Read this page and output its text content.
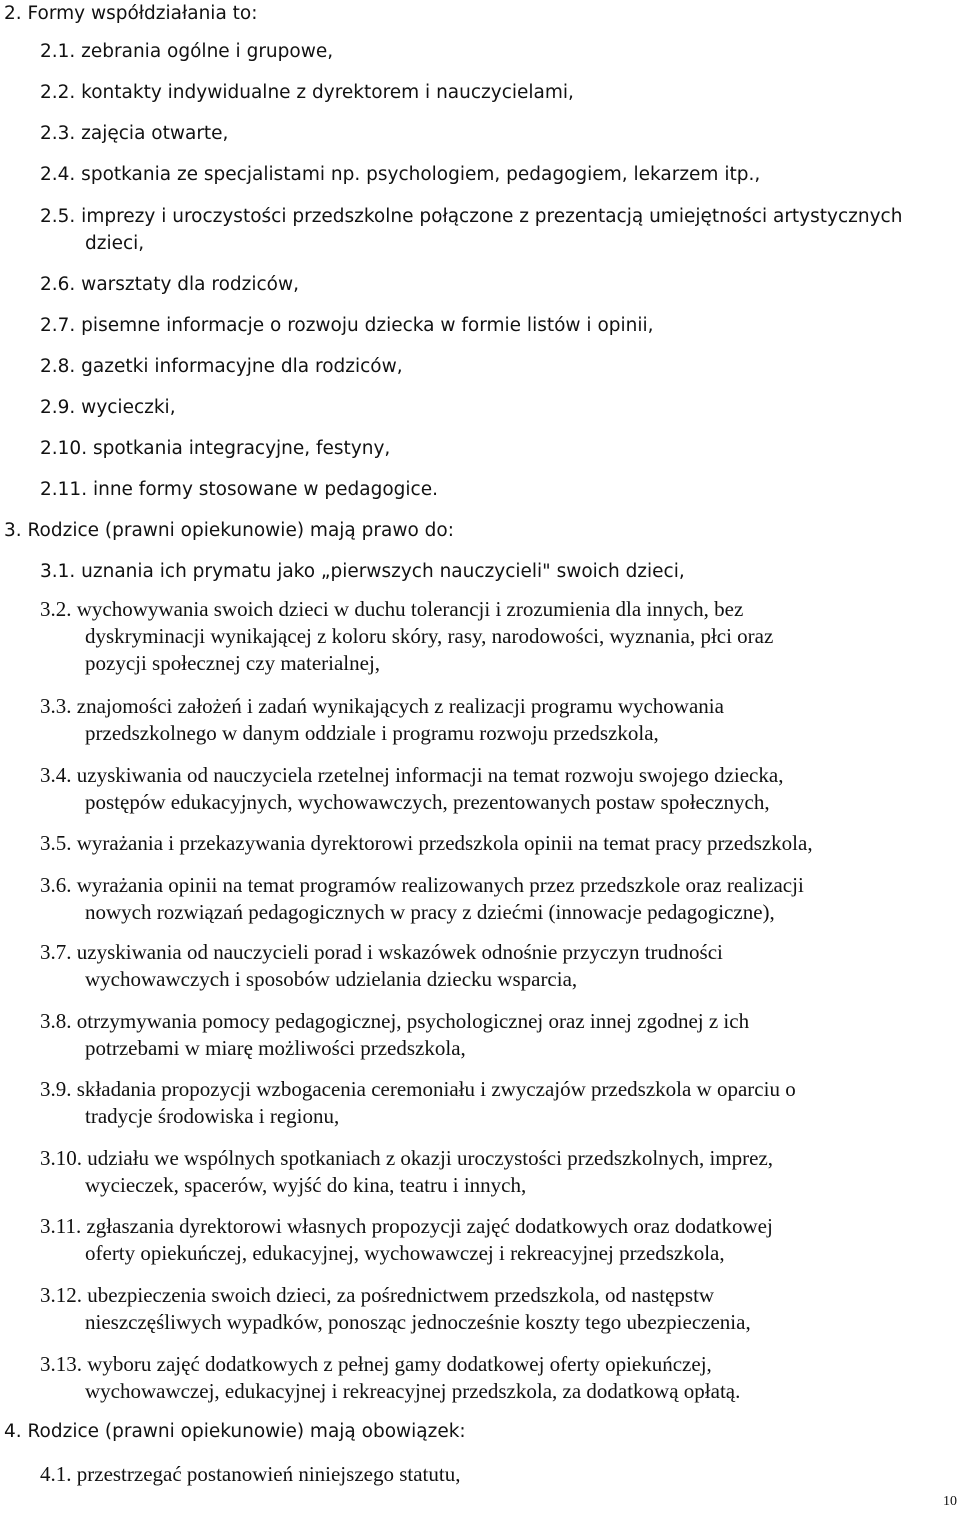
2. Formy współdziałania to:
2.1. zebrania ogólne i grupowe,
2.2. kontakty indywidualne z dyrektorem i nauczycielami,
2.3. zajęcia otwarte,
2.4. spotkania ze specjalistami np. psychologiem, pedagogiem, lekarzem itp.,
2.5. imprezy i uroczystości przedszkolne połączone z prezentacją umiejętności artystycznych
dzieci,
2.6. warsztaty dla rodziców,
2.7. pisemne informacje o rozwoju dziecka w formie listów i opinii,
2.8. gazetki informacyjne dla rodziców,
2.9. wycieczki,
2.10. spotkania integracyjne, festyny,
2.11. inne formy stosowane w pedagogice.
3. Rodzice (prawni opiekunowie) mają prawo do:
3.1. uznania ich prymatu jako „pierwszych nauczycieli" swoich dzieci,
3.2. wychowywania swoich dzieci w duchu tolerancji i zrozumienia dla innych, bez
dyskryminacji wynikającej z koloru skóry, rasy, narodowości, wyznania, płci oraz
pozycji społecznej czy materialnej,
3.3. znajomości założeń i zadań wynikających z realizacji programu wychowania
przedszkolnego w danym oddziale i programu rozwoju przedszkola,
3.4. uzyskiwania od nauczyciela rzetelnej informacji na temat rozwoju swojego dziecka,
postępów edukacyjnych, wychowawczych, prezentowanych postaw społecznych,
3.5. wyrażania i przekazywania dyrektorowi przedszkola opinii na temat pracy przedszkola,
3.6. wyrażania opinii na temat programów realizowanych przez przedszkole oraz realizacji
nowych rozwiązań pedagogicznych w pracy z dziećmi (innowacje pedagogiczne),
3.7. uzyskiwania od nauczycieli porad i wskazówek odnośnie przyczyn trudności
wychowawczych i sposobów udzielania dziecku wsparcia,
3.8. otrzymywania pomocy pedagogicznej, psychologicznej oraz innej zgodnej z ich
potrzebami w miarę możliwości przedszkola,
3.9. składania propozycji wzbogacenia ceremoniału i zwyczajów przedszkola w oparciu o
tradycje środowiska i regionu,
3.10. udziału we wspólnych spotkaniach z okazji uroczystości przedszkolnych, imprez,
wycieczek, spacerów, wyjść do kina, teatru i innych,
3.11. zgłaszania dyrektorowi własnych propozycji zajęć dodatkowych oraz dodatkowej
oferty opiekuńczej, edukacyjnej, wychowawczej i rekreacyjnej przedszkola,
3.12. ubezpieczenia swoich dzieci, za pośrednictwem przedszkola, od następstw
nieszczęśliwych wypadków, ponosząc jednocześnie koszty tego ubezpieczenia,
3.13. wyboru zajęć dodatkowych z pełnej gamy dodatkowej oferty opiekuńczej,
wychowawczej, edukacyjnej i rekreacyjnej przedszkola, za dodatkową opłatą.
4. Rodzice (prawni opiekunowie) mają obowiązek:
4.1. przestrzegać postanowień niniejszego statutu,
10
